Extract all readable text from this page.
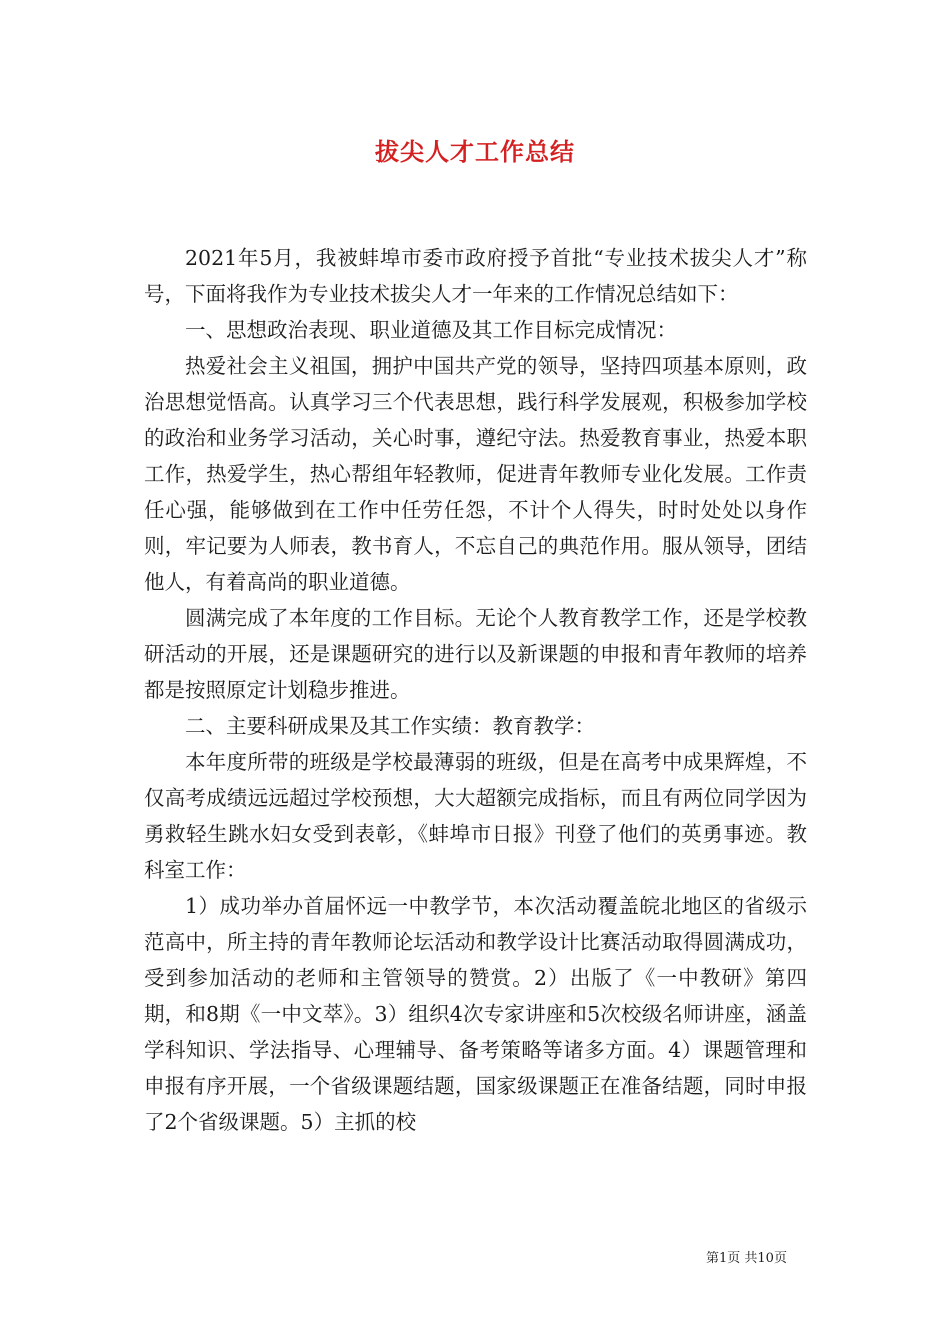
拔尖人才工作总结

2021年5月，我被蚌埠市委市政府授予首批“专业技术拔尖人才”称号，下面将我作为专业技术拔尖人才一年来的工作情况总结如下：

一、思想政治表现、职业道德及其工作目标完成情况：

热爱社会主义祖国，拥护中国共产党的领导，坚持四项基本原则，政治思想觉悟高。认真学习三个代表思想，践行科学发展观，积极参加学校的政治和业务学习活动，关心时事，遵纪守法。热爱教育事业，热爱本职工作，热爱学生，热心帮组年轻教师，促进青年教师专业化发展。工作责任心强，能够做到在工作中任劳任怨，不计个人得失，时时处处以身作则，牢记要为人师表，教书育人，不忘自己的典范作用。服从领导，团结他人，有着高尚的职业道德。

圆满完成了本年度的工作目标。无论个人教育教学工作，还是学校教研活动的开展，还是课题研究的进行以及新课题的申报和青年教师的培养都是按照原定计划稳步推进。

二、主要科研成果及其工作实绩：教育教学：

本年度所带的班级是学校最薄弱的班级，但是在高考中成果辉煌，不仅高考成绩远远超过学校预想，大大超额完成指标，而且有两位同学因为勇救轻生跳水妇女受到表彰，《蚌埠市日报》刊登了他们的英勇事迹。教科室工作：

1）成功举办首届怀远一中教学节，本次活动覆盖皖北地区的省级示范高中，所主持的青年教师论坛活动和教学设计比赛活动取得圆满成功，受到参加活动的老师和主管领导的赞赏。2）出版了《一中教研》第四期，和8期《一中文萃》。3）组织4次专家讲座和5次校级名师讲座，涵盖学科知识、学法指导、心理辅导、备考策略等诸多方面。4）课题管理和申报有序开展，一个省级课题结题，国家级课题正在准备结题，同时申报了2个省级课题。5）主抓的校

第1页 共10页
